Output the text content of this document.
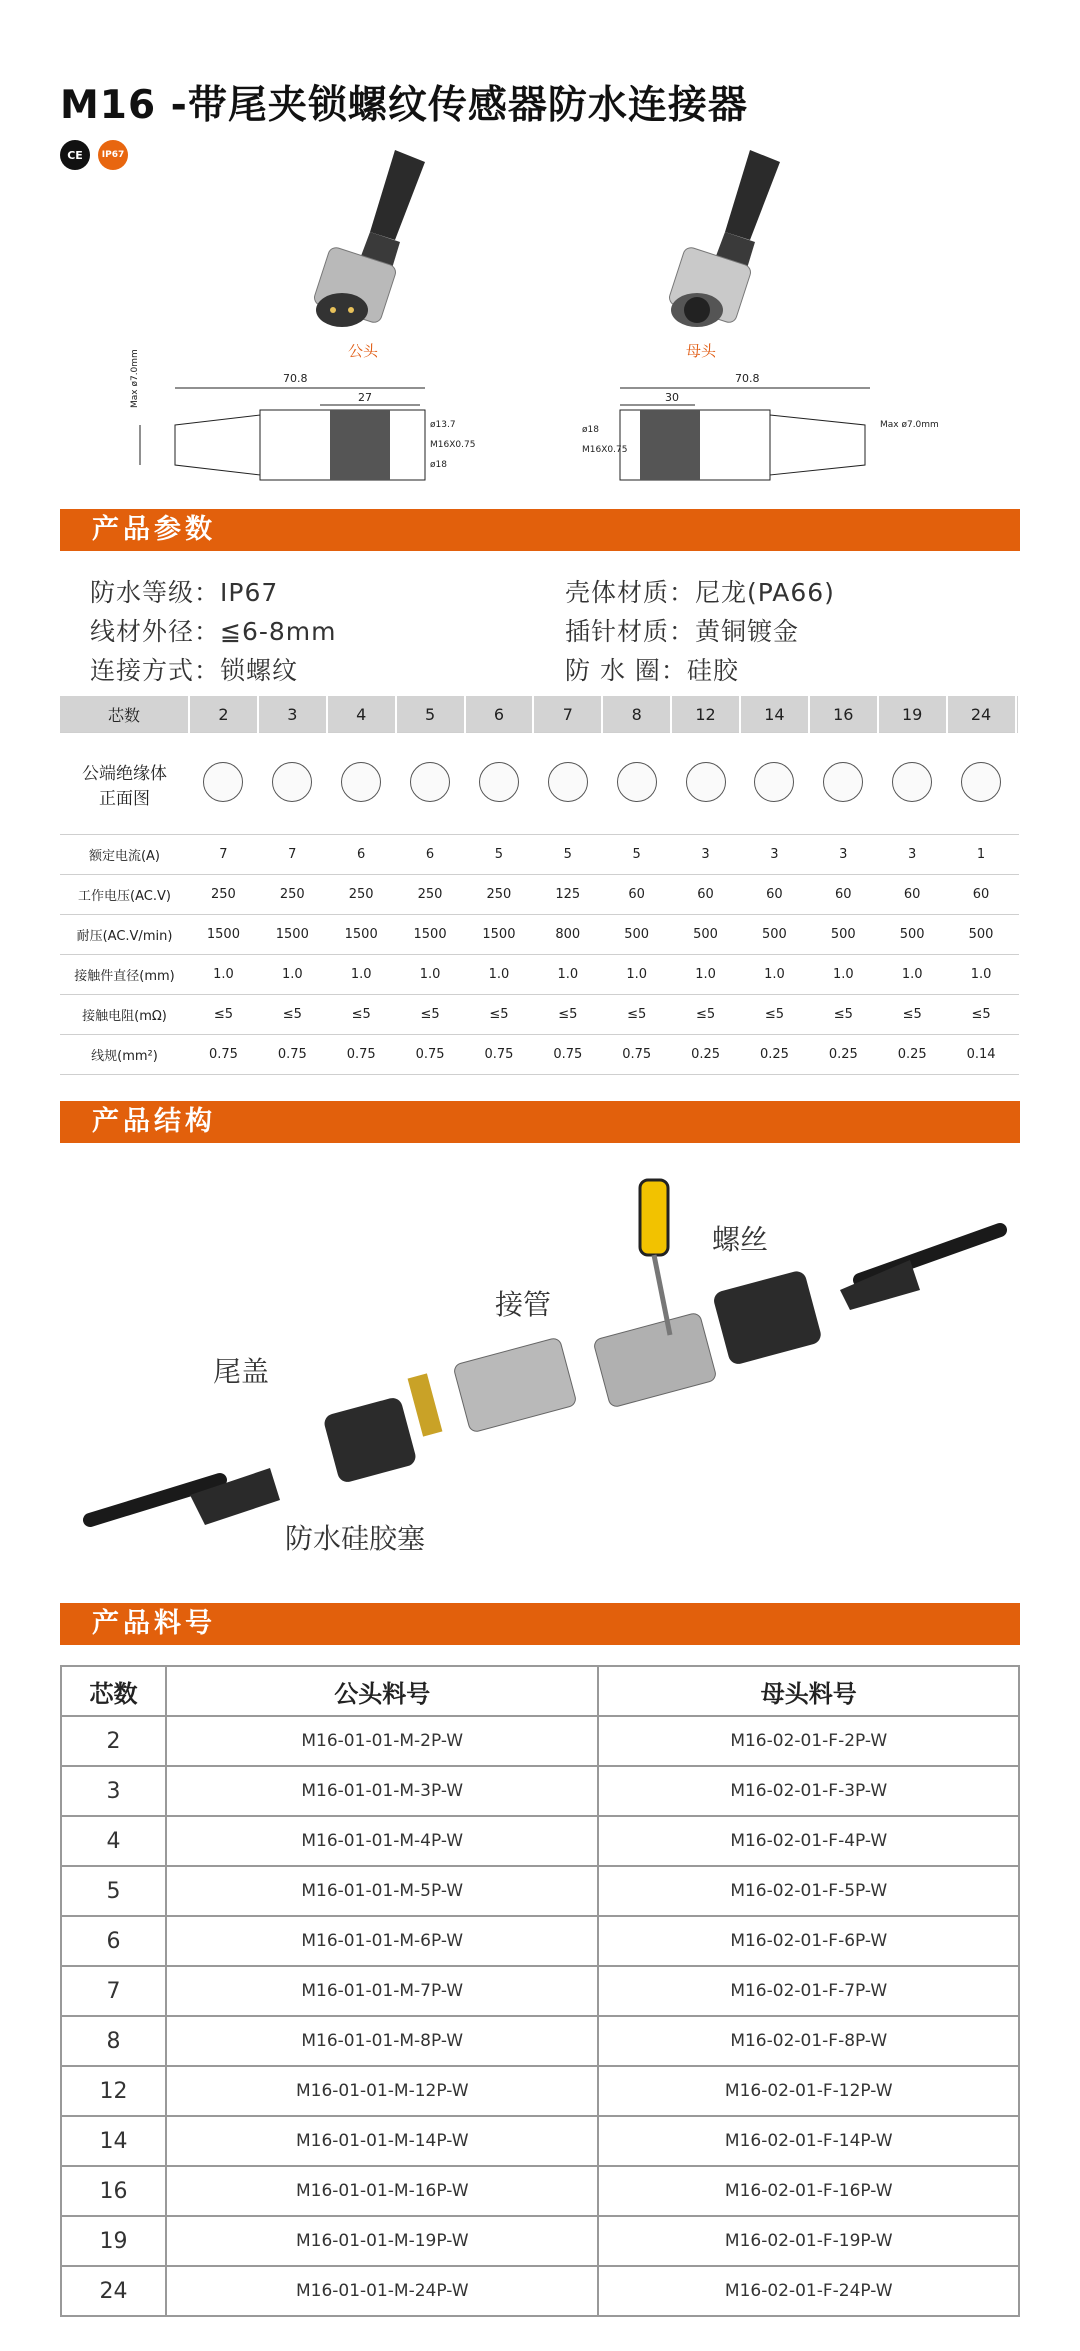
M16 -带尾夹锁螺纹传感器防水连接器
CE	IP67
公头	母头
70.8
27
Max ø7.0mm
ø13.7
M16X0.75
ø18
70.8
30
Max ø7.0mm
ø18
M16X0.75
产品参数
防水等级：IP67
线材外径：≦6-8mm
连接方式：锁螺纹
壳体材质：尼龙(PA66)
插针材质：黄铜镀金
防 水 圈：硅胶
芯数	2	3	4	5	6	7	8	12	14	16	19	24	

公端绝缘体
正面图													

额定电流(A)	7	7	6	6	5	5	5	3	3	3	3	1	
工作电压(AC.V)	250	250	250	250	250	125	60	60	60	60	60	60	
耐压(AC.V/min)	1500	1500	1500	1500	1500	800	500	500	500	500	500	500	
接触件直径(mm)	1.0	1.0	1.0	1.0	1.0	1.0	1.0	1.0	1.0	1.0	1.0	1.0	
接触电阻(mΩ)	≤5	≤5	≤5	≤5	≤5	≤5	≤5	≤5	≤5	≤5	≤5	≤5	
线规(mm²)	0.75	0.75	0.75	0.75	0.75	0.75	0.75	0.25	0.25	0.25	0.25	0.14	
产品结构
螺丝
接管
尾盖
防水硅胶塞
产品料号
芯数	公头料号	母头料号
2	M16-01-01-M-2P-W	M16-02-01-F-2P-W
3	M16-01-01-M-3P-W	M16-02-01-F-3P-W
4	M16-01-01-M-4P-W	M16-02-01-F-4P-W
5	M16-01-01-M-5P-W	M16-02-01-F-5P-W
6	M16-01-01-M-6P-W	M16-02-01-F-6P-W
7	M16-01-01-M-7P-W	M16-02-01-F-7P-W
8	M16-01-01-M-8P-W	M16-02-01-F-8P-W
12	M16-01-01-M-12P-W	M16-02-01-F-12P-W
14	M16-01-01-M-14P-W	M16-02-01-F-14P-W
16	M16-01-01-M-16P-W	M16-02-01-F-16P-W
19	M16-01-01-M-19P-W	M16-02-01-F-19P-W
24	M16-01-01-M-24P-W	M16-02-01-F-24P-W
